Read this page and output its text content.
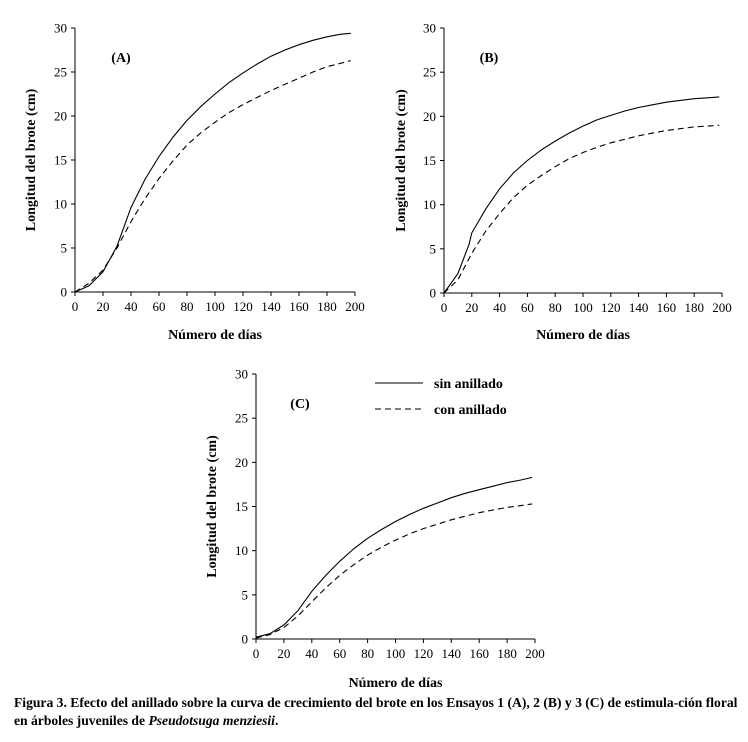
0 20 40 60 80 100 120 140 160 180 200
0
5
10
15
20
25
30
Número de días
Longitud del brote (cm)
(A)
0 20 40 60 80 100 120 140 160 180 200
0
5
10
15
20
25
30
Número de días
Longitud del brote (cm)
(B)
0 20 40 60 80 100 120 140 160 180 200
0
5
10
15
20
25
30
Número de días
Longitud del brote (cm)
(C)
sin anillado
con anillado
Figura 3. Efecto del anillado sobre la curva de crecimiento del brote en los Ensayos 1 (A), 2 (B) y 3 (C) de estimula-ción floral en árboles juveniles de Pseudotsuga menziesii.
